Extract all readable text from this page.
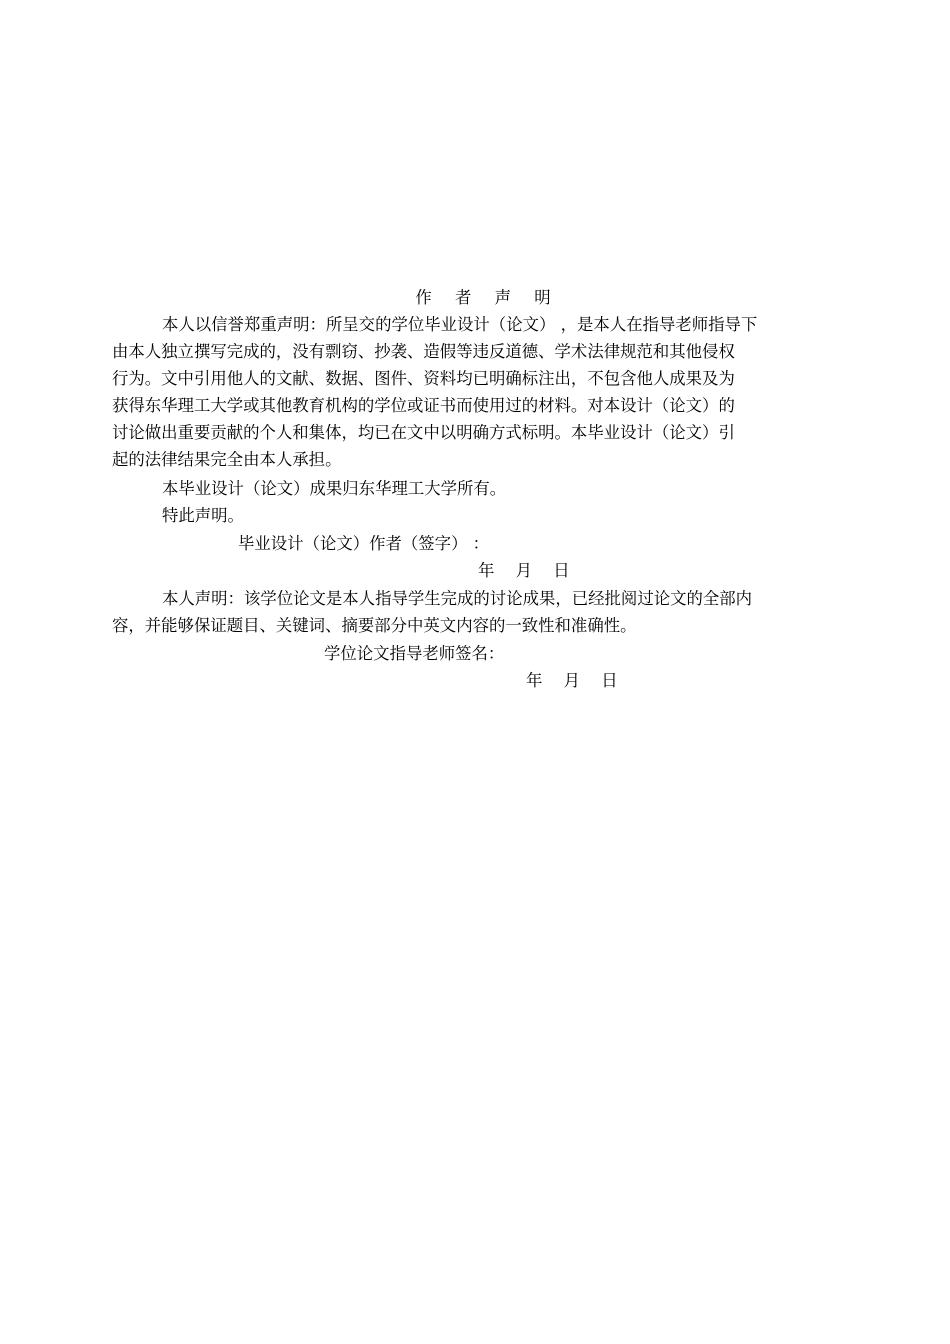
作 者 声 明

本人以信誉郑重声明：所呈交的学位毕业设计（论文） ，是本人在指导老师指导下

由本人独立撰写完成的，没有剽窃、抄袭、造假等违反道德、学术法律规范和其他侵权

行为。文中引用他人的文献、数据、图件、资料均已明确标注出，不包含他人成果及为

获得东华理工大学或其他教育机构的学位或证书而使用过的材料。对本设计（论文）的

讨论做出重要贡献的个人和集体，均已在文中以明确方式标明。本毕业设计（论文）引

起的法律结果完全由本人承担。

本毕业设计（论文）成果归东华理工大学所有。

特此声明。

毕业设计（论文）作者（签字） ：

年 月 日

本人声明：该学位论文是本人指导学生完成的讨论成果，已经批阅过论文的全部内

容，并能够保证题目、关键词、摘要部分中英文内容的一致性和准确性。

学位论文指导老师签名：

年 月 日
